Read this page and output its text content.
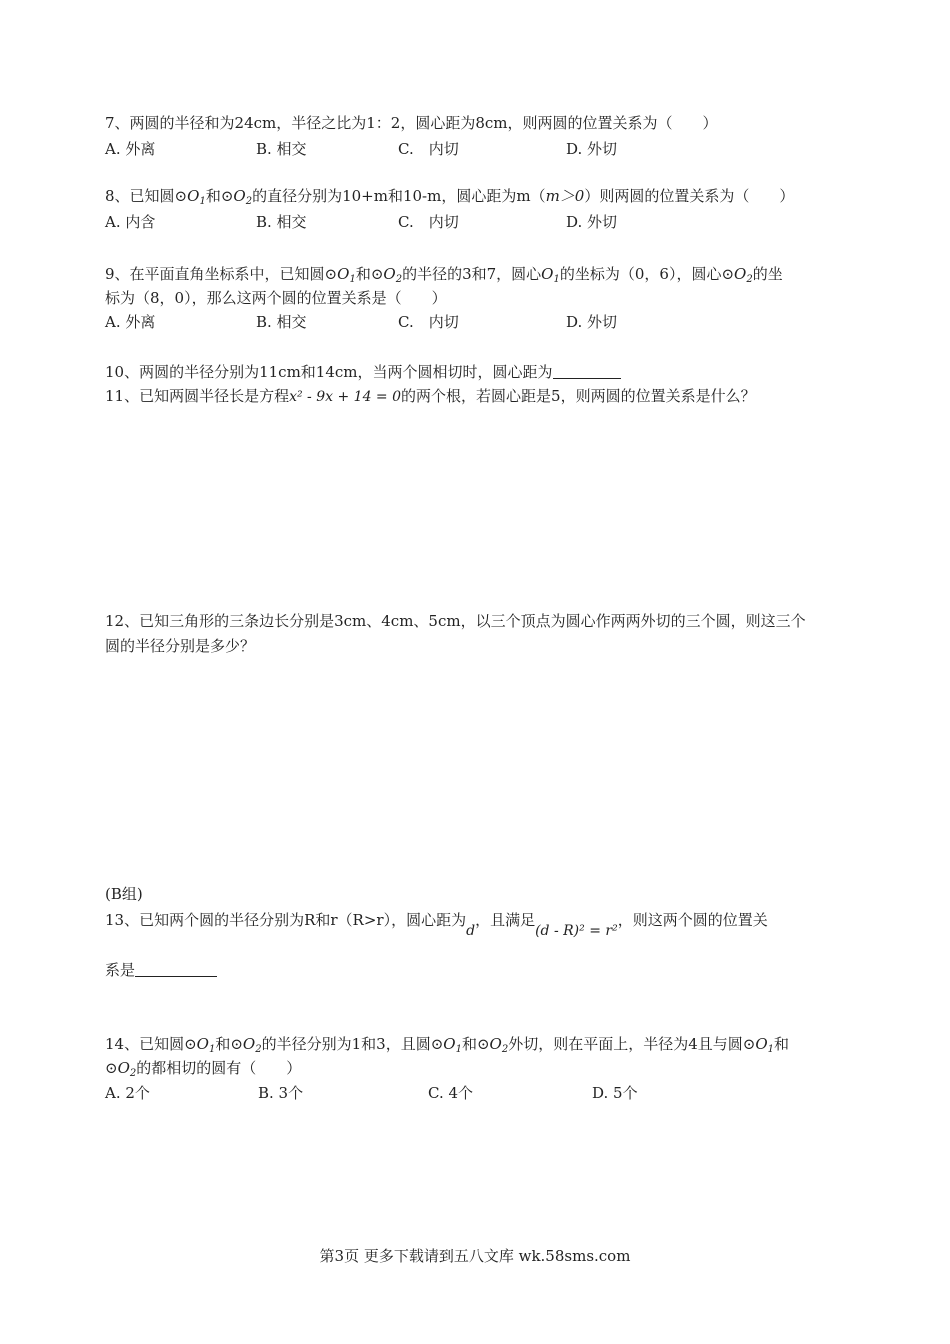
7、两圆的半径和为24cm，半径之比为1：2，圆心距为8cm，则两圆的位置关系为（　　）
A. 外离	B. 相交	C.　内切	D. 外切
8、已知圆$⊙O_1$和$⊙O_2$的直径分别为10+m和10-m，圆心距为m（m＞0）则两圆的位置关系为（　　）
A. 内含	B. 相交	C.　内切	D. 外切
9、在平面直角坐标系中，已知圆$⊙O_1$和$⊙O_2$的半径的3和7，圆心$O_1$的坐标为（0，6），圆心$⊙O_2$的坐
标为（8，0），那么这两个圆的位置关系是（　　）
A. 外离	B. 相交	C.　内切	D. 外切
10、两圆的半径分别为11cm和14cm，当两个圆相切时，圆心距为
11、已知两圆半径长是方程x² - 9x + 14 = 0的两个根，若圆心距是5，则两圆的位置关系是什么？
12、已知三角形的三条边长分别是3cm、4cm、5cm，以三个顶点为圆心作两两外切的三个圆，则这三个
圆的半径分别是多少？
(B组)
13、已知两个圆的半径分别为R和r（R>r），圆心距为d，且满足(d - R)² = r²，则这两个圆的位置关
系是
14、已知圆$⊙O_1$和$⊙O_2$的半径分别为1和3，且圆$⊙O_1$和$⊙O_2$外切，则在平面上，半径为4且与圆$⊙O_1$和
$⊙O_2$的都相切的圆有（　　）
A. 2个	B. 3个	C. 4个	D. 5个
第3页 更多下载请到五八文库 wk.58sms.com
